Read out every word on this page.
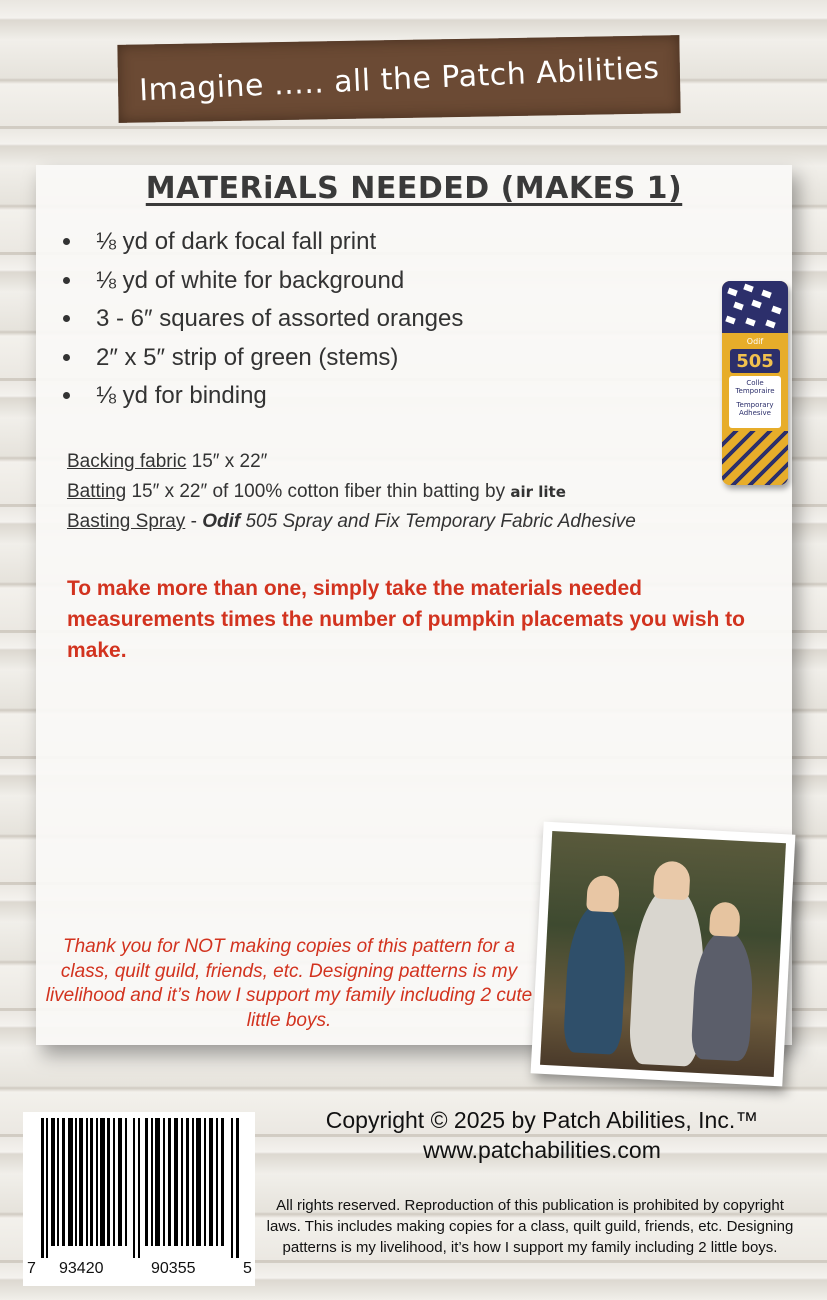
Imagine ..... all the Patch Abilities
MATERiALS NEEDED (MAKES 1)
• ⅛ yd of dark focal fall print
• ⅛ yd of white for background
• 3 - 6″ squares of assorted oranges
• 2″ x 5″ strip of green (stems)
• ⅛ yd for binding
Backing fabric 15″ x 22″
Batting 15″ x 22″ of 100% cotton fiber thin batting by air lite
Basting Spray - Odif 505 Spray and Fix Temporary Fabric Adhesive
To make more than one, simply take the materials needed measurements times the number of pumpkin placemats you wish to make.
Thank you for NOT making copies of this pattern for a class, quilt guild, friends, etc. Designing patterns is my livelihood and it’s how I support my family including 2 cute little boys.
Odif
505
Colle Temporaire
Temporary Adhesive
Copyright © 2025 by Patch Abilities, Inc.™
www.patchabilities.com
All rights reserved. Reproduction of this publication is prohibited by copyright laws. This includes making copies for a class, quilt guild, friends, etc. Designing patterns is my livelihood, it’s how I support my family including 2 little boys.
7 93420	90355	5
